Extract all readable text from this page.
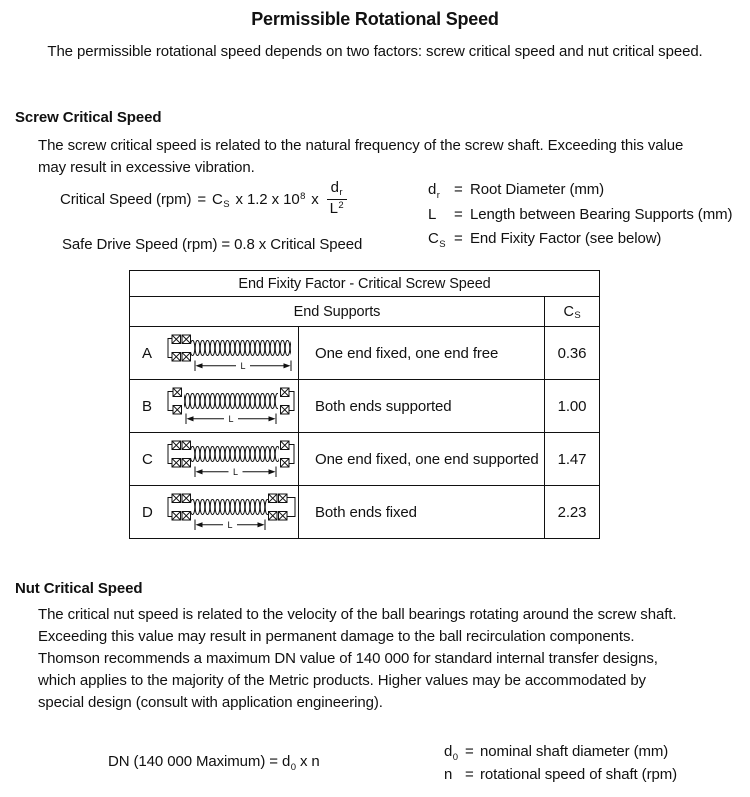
Permissible Rotational Speed
The permissible rotational speed depends on two factors: screw critical speed and nut critical speed.
Screw Critical Speed
The screw critical speed is related to the natural frequency of the screw shaft. Exceeding this value
may result in excessive vibration.
Critical Speed $(rpm) = C_S$ x 1.2 x $10^8$ x $\frac{d_r}{L^2}$	$d_r$ = Root Diameter (mm)
L	= Length between Bearing Supports (mm)
$C_S$ = End Fixity Factor (see below)
Safe Drive Speed (rpm) = 0.8 x Critical Speed
End Fixity Factor - Critical Screw Speed
End Supports	C S
A
L
One end fixed, one end free	0.36
B
L
Both ends supported	1.00
C
L
One end fixed, one end supported	1.47
D
L
Both ends fixed	2.23
Nut Critical Speed
The critical nut speed is related to the velocity of the ball bearings rotating around the screw shaft.
Exceeding this value may result in permanent damage to the ball recirculation components.
Thomson recommends a maximum DN value of 140 000 for standard internal transfer designs,
which applies to the majority of the Metric products. Higher values may be accommodated by
special design (consult with application engineering).
DN (140 000 Maximum) = $d_0$ x n
$d_0$ = nominal shaft diameter (mm)
n = rotational speed of shaft (rpm)
